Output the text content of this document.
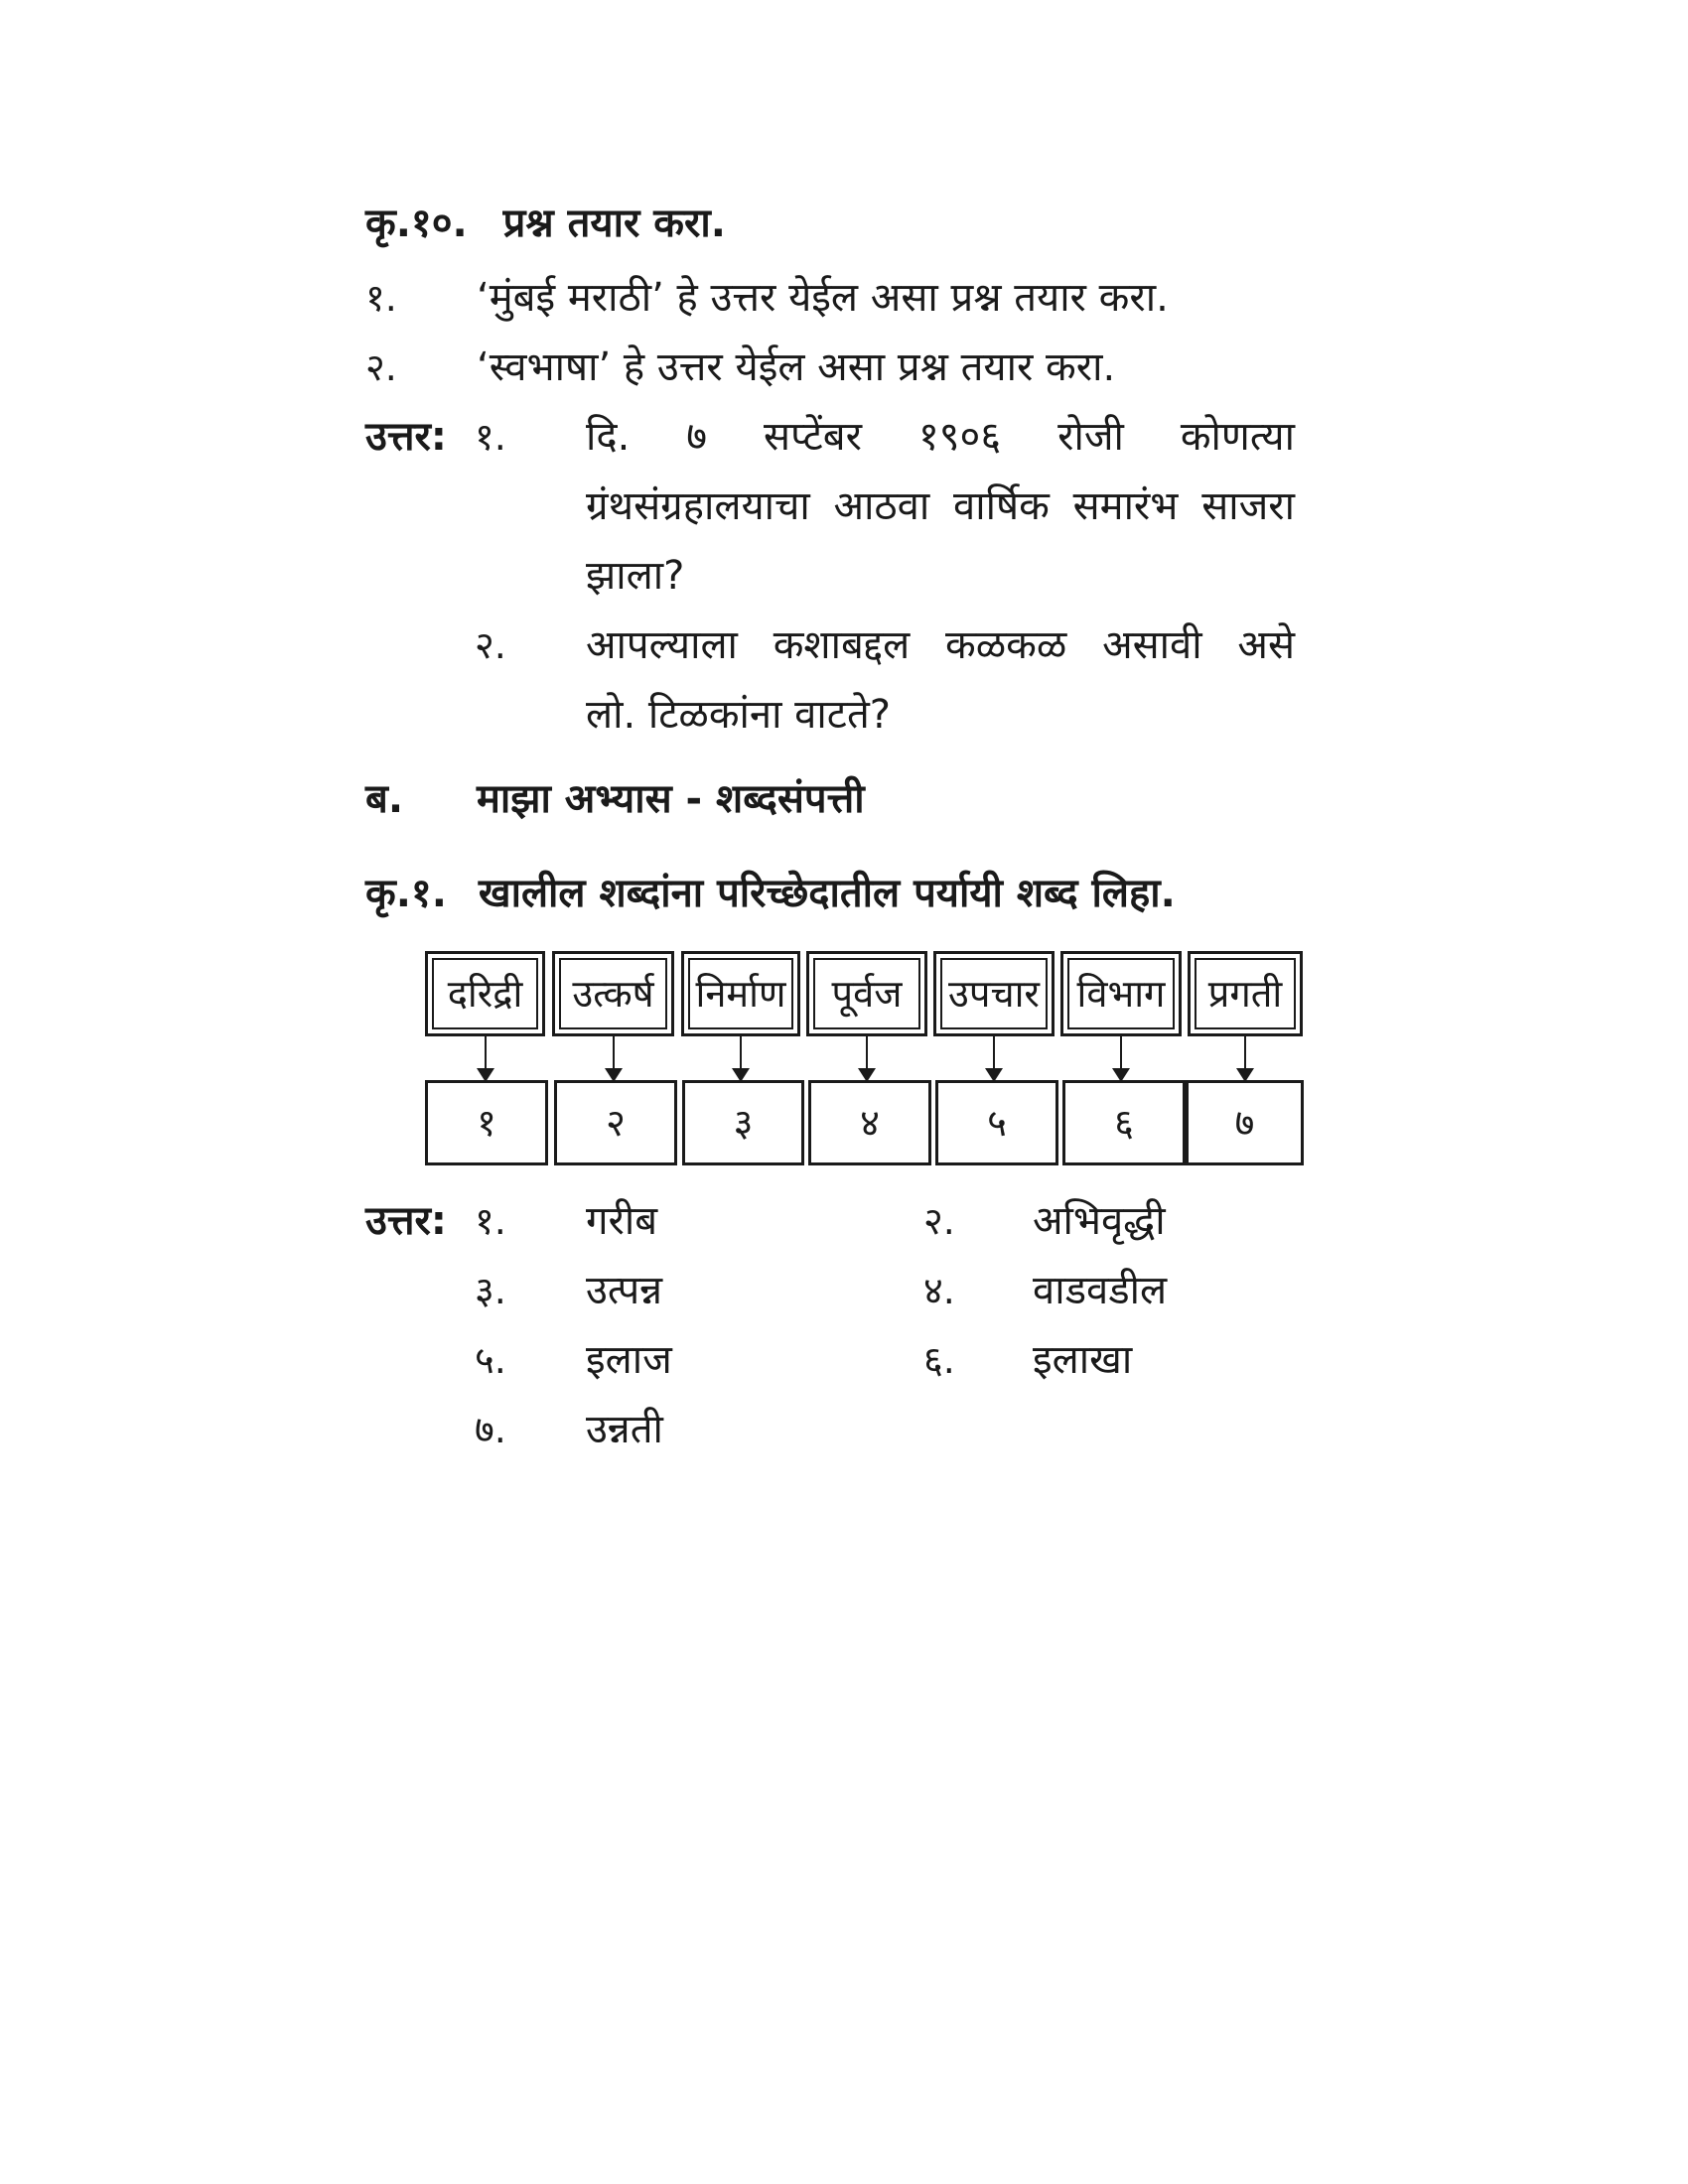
कृ.१०. प्रश्न तयार करा.
१. ‘मुंबई मराठी’ हे उत्तर येईल असा प्रश्न तयार करा.
२. ‘स्वभाषा’ हे उत्तर येईल असा प्रश्न तयार करा.
उत्तर: १. दि. ७ सप्टेंबर १९०६ रोजी कोणत्या
ग्रंथसंग्रहालयाचा आठवा वार्षिक समारंभ साजरा
झाला?
२. आपल्याला कशाबद्दल कळकळ असावी असे
लो. टिळकांना वाटते?
ब. माझा अभ्यास - शब्दसंपत्ती
कृ.१. खालील शब्दांना परिच्छेदातील पर्यायी शब्द लिहा.
दरिद्री	उत्कर्ष	निर्माण	पूर्वज	उपचार विभाग	प्रगती
१	२	३	४	५	६	७
उत्तर: १. गरीब	२. अभिवृद्धी
३. उत्पन्न	४. वाडवडील
५. इलाज	६. इलाखा
७. उन्नती
